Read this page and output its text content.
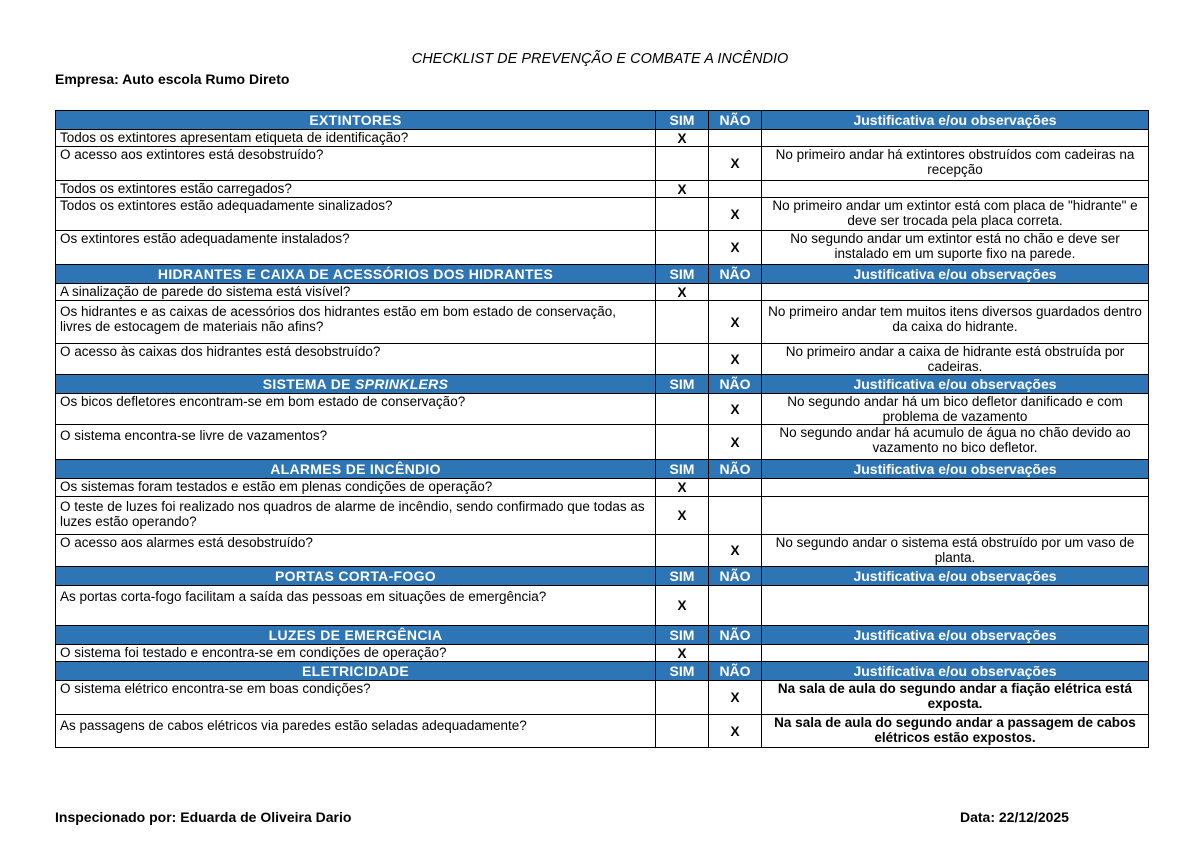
CHECKLIST DE PREVENÇÃO E COMBATE A INCÊNDIO
Empresa: Auto escola Rumo Direto
EXTINTORES	SIM	NÃO	Justificativa e/ou observações
Todos os extintores apresentam etiqueta de identificação?	X		
O acesso aos extintores está desobstruído?		X	No primeiro andar há extintores obstruídos com cadeiras na recepção
Todos os extintores estão carregados?	X		
Todos os extintores estão adequadamente sinalizados?		X	No primeiro andar um extintor está com placa de "hidrante" e deve ser trocada pela placa correta.
Os extintores estão adequadamente instalados?		X	No segundo andar um extintor está no chão e deve ser instalado em um suporte fixo na parede.
HIDRANTES E CAIXA DE ACESSÓRIOS DOS HIDRANTES	SIM	NÃO	Justificativa e/ou observações
A sinalização de parede do sistema está visível?	X		
Os hidrantes e as caixas de acessórios dos hidrantes estão em bom estado de conservação, livres de estocagem de materiais não afins?		X	No primeiro andar tem muitos itens diversos guardados dentro da caixa do hidrante.
O acesso às caixas dos hidrantes está desobstruído?		X	No primeiro andar a caixa de hidrante está obstruída por cadeiras.
SISTEMA DE SPRINKLERS	SIM	NÃO	Justificativa e/ou observações
Os bicos defletores encontram-se em bom estado de conservação?		X	No segundo andar há um bico defletor danificado e com problema de vazamento
O sistema encontra-se livre de vazamentos?		X	No segundo andar há acumulo de água no chão devido ao vazamento no bico defletor.
ALARMES DE INCÊNDIO	SIM	NÃO	Justificativa e/ou observações
Os sistemas foram testados e estão em plenas condições de operação?	X		
O teste de luzes foi realizado nos quadros de alarme de incêndio, sendo confirmado que todas as luzes estão operando?	X		
O acesso aos alarmes está desobstruído?		X	No segundo andar o sistema está obstruído por um vaso de planta.
PORTAS CORTA-FOGO	SIM	NÃO	Justificativa e/ou observações
As portas corta-fogo facilitam a saída das pessoas em situações de emergência?	X		
LUZES DE EMERGÊNCIA	SIM	NÃO	Justificativa e/ou observações
O sistema foi testado e encontra-se em condições de operação?	X		
ELETRICIDADE	SIM	NÃO	Justificativa e/ou observações
O sistema elétrico encontra-se em boas condições?		X	Na sala de aula do segundo andar a fiação elétrica está exposta.
As passagens de cabos elétricos via paredes estão seladas adequadamente?		X	Na sala de aula do segundo andar a passagem de cabos elétricos estão expostos.
Inspecionado por: Eduarda de Oliveira Dario	Data: 22/12/2025
